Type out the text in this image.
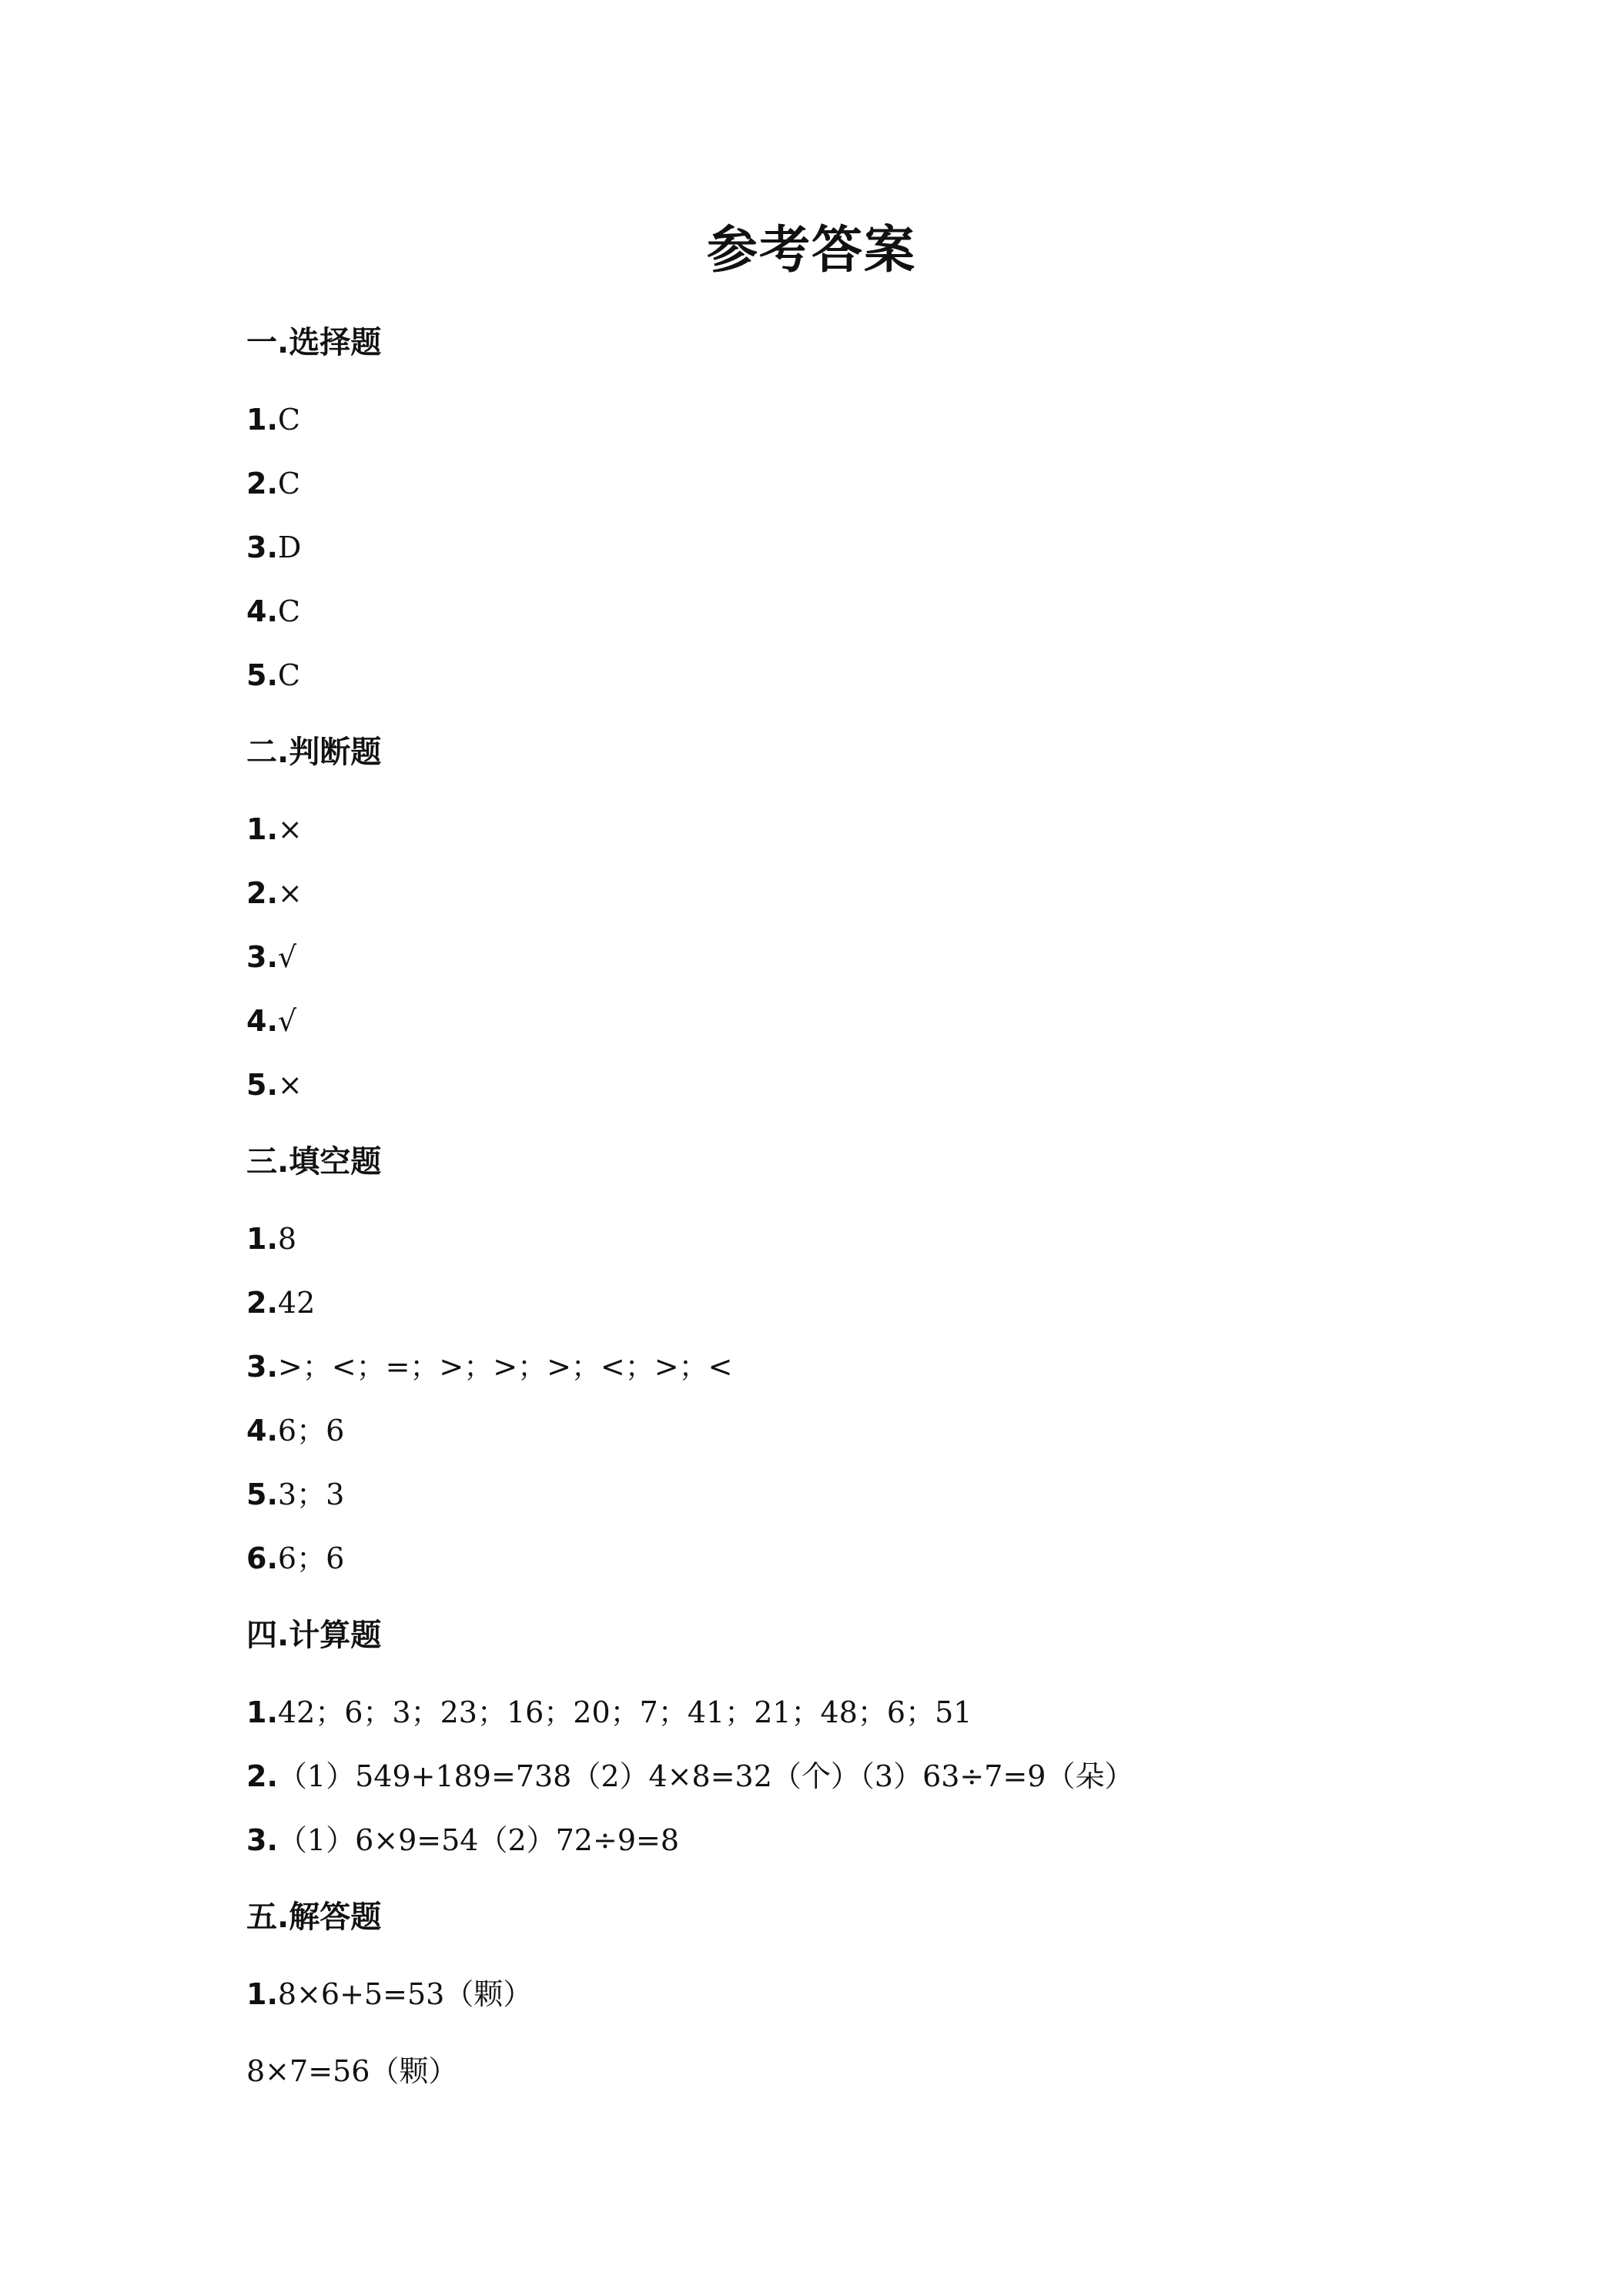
参考答案
一.选择题
1.C
2.C
3.D
4.C
5.C
二.判断题
1.×
2.×
3.√
4.√
5.×
三.填空题
1.8
2.42
3.>；<；=；>；>；>；<；>；<
4.6；6
5.3；3
6.6；6
四.计算题
1.42；6；3；23；16；20；7；41；21；48；6；51
2.（1）549+189=738（2）4×8=32（个）（3）63÷7=9（朵）
3.（1）6×9=54（2）72÷9=8
五.解答题
1.8×6+5=53（颗）
8×7=56（颗）
